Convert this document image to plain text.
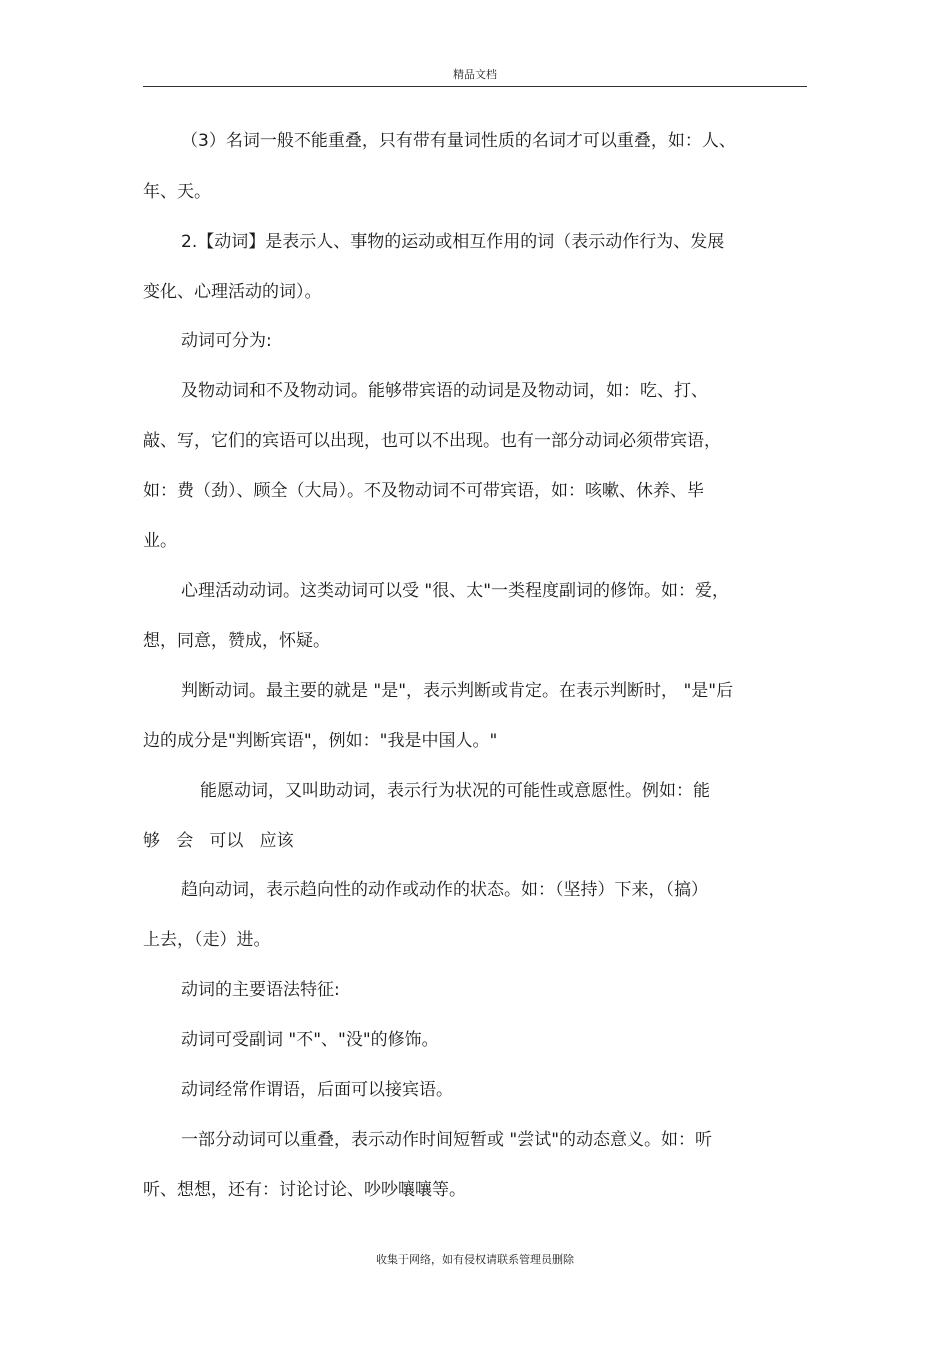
精品文档
（3）名词一般不能重叠，只有带有量词性质的名词才可以重叠，如：人、
年、天。
2.【动词】是表示人、事物的运动或相互作用的词（表示动作行为、发展
变化、心理活动的词）。
动词可分为:
及物动词和不及物动词。能够带宾语的动词是及物动词，如：吃、打、
敲、写，它们的宾语可以出现，也可以不出现。也有一部分动词必须带宾语，
如：费（劲）、顾全（大局）。不及物动词不可带宾语，如：咳嗽、休养、毕
业。
心理活动动词。这类动词可以受 "很、太"一类程度副词的修饰。如：爱，
想，同意，赞成，怀疑。
判断动词。最主要的就是 "是"，表示判断或肯定。在表示判断时， "是"后
边的成分是"判断宾语"，例如："我是中国人。"
能愿动词，又叫助动词，表示行为状况的可能性或意愿性。例如：能
够   会   可以   应该
趋向动词，表示趋向性的动作或动作的状态。如：（坚持）下来，（搞）
上去，（走）进。
动词的主要语法特征:
动词可受副词 "不"、"没"的修饰。
动词经常作谓语，后面可以接宾语。
一部分动词可以重叠，表示动作时间短暂或 "尝试"的动态意义。如：听
听、想想，还有：讨论讨论、吵吵嚷嚷等。
收集于网络，如有侵权请联系管理员删除
